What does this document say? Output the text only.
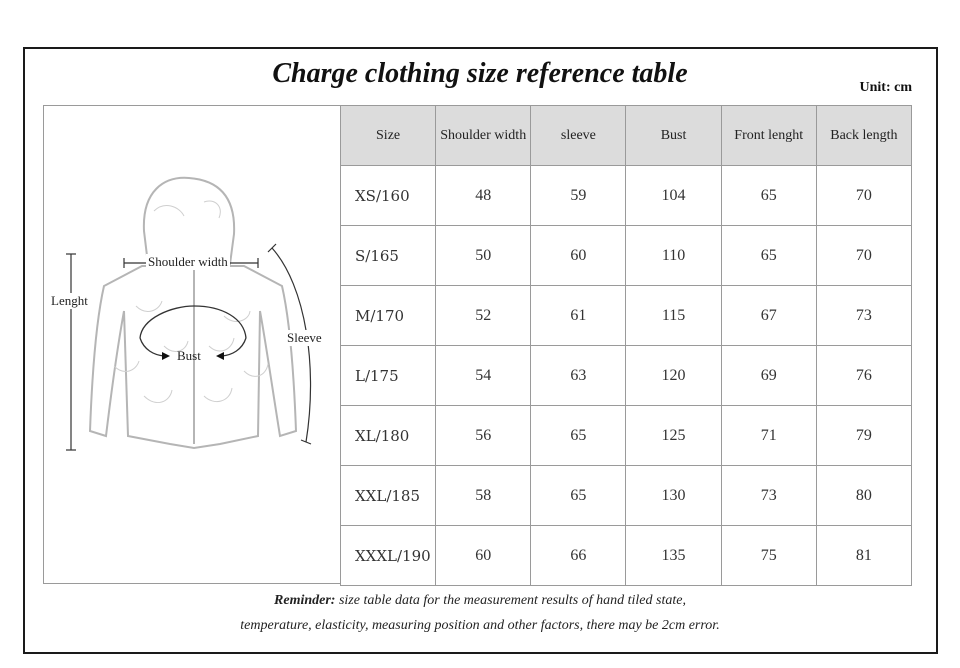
Charge clothing size reference table	Unit: cm
Shoulder width
Lenght
Sleeve
Bust
Size	Shoulder width	sleeve	Bust	Front lenght	Back length
XS/160	48	59	104	65	70
S/165	50	60	110	65	70
M/170	52	61	115	67	73
L/175	54	63	120	69	76
XL/180	56	65	125	71	79
XXL/185	58	65	130	73	80
XXXL/190	60	66	135	75	81
Reminder: size table data for the measurement results of hand tiled state,
temperature, elasticity, measuring position and other factors, there may be 2cm error.
